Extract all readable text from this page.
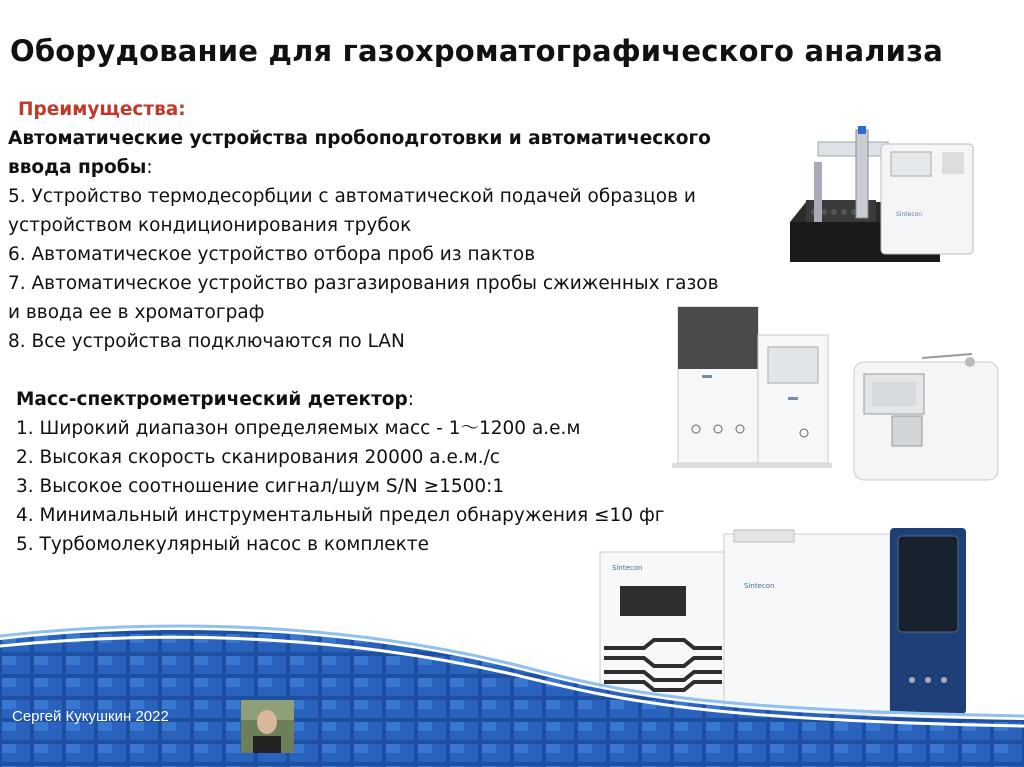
Оборудование для газохроматографического анализа
Преимущества:
Автоматические устройства пробоподготовки и автоматического
ввода пробы:
5. Устройство термодесорбции с автоматической подачей образцов и
устройством кондиционирования трубок
6. Автоматическое устройство отбора проб из пактов
7. Автоматическое устройство разгазирования пробы сжиженных газов
и ввода ее в хроматограф
8. Все устройства подключаются по LAN
Масс-спектрометрический детектор:
1. Широкий диапазон определяемых масс - 1～1200 а.е.м
2. Высокая скорость сканирования 20000 а.е.м./с
3. Высокое соотношение сигнал/шум S/N ≥1500:1
4. Минимальный инструментальный предел обнаружения ≤10 фг
5. Турбомолекулярный насос в комплекте
Sintecon
Sintecon
Sintecon
Сергей Кукушкин 2022
